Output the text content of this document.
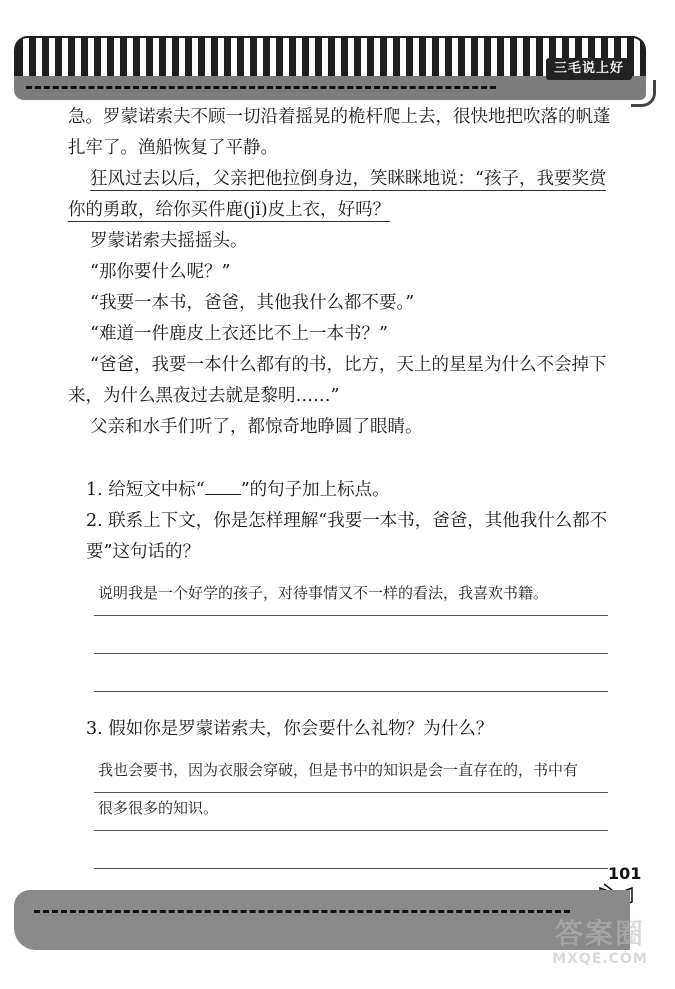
三毛说上好

急。罗蒙诺索夫不顾一切沿着摇晃的桅杆爬上去，很快地把吹落的帆蓬扎牢了。渔船恢复了平静。

狂风过去以后，父亲把他拉倒身边，笑眯眯地说：“孩子，我要奖赏你的勇敢，给你买件鹿(jǐ)皮上衣，好吗？

罗蒙诺索夫摇摇头。

“那你要什么呢？”

“我要一本书，爸爸，其他我什么都不要。”

“难道一件鹿皮上衣还比不上一本书？”

“爸爸，我要一本什么都有的书，比方，天上的星星为什么不会掉下来，为什么黑夜过去就是黎明……”

父亲和水手们听了，都惊奇地睁圆了眼睛。

1. 给短文中标“ ”的句子加上标点。

2. 联系上下文，你是怎样理解“我要一本书，爸爸，其他我什么都不要”这句话的？

说明我是一个好学的孩子，对待事情又不一样的看法，我喜欢书籍。

3. 假如你是罗蒙诺索夫，你会要什么礼物？为什么？

我也会要书，因为衣服会穿破，但是书中的知识是会一直存在的，书中有
很多很多的知识。
101
答案圈
MXQE.COM
